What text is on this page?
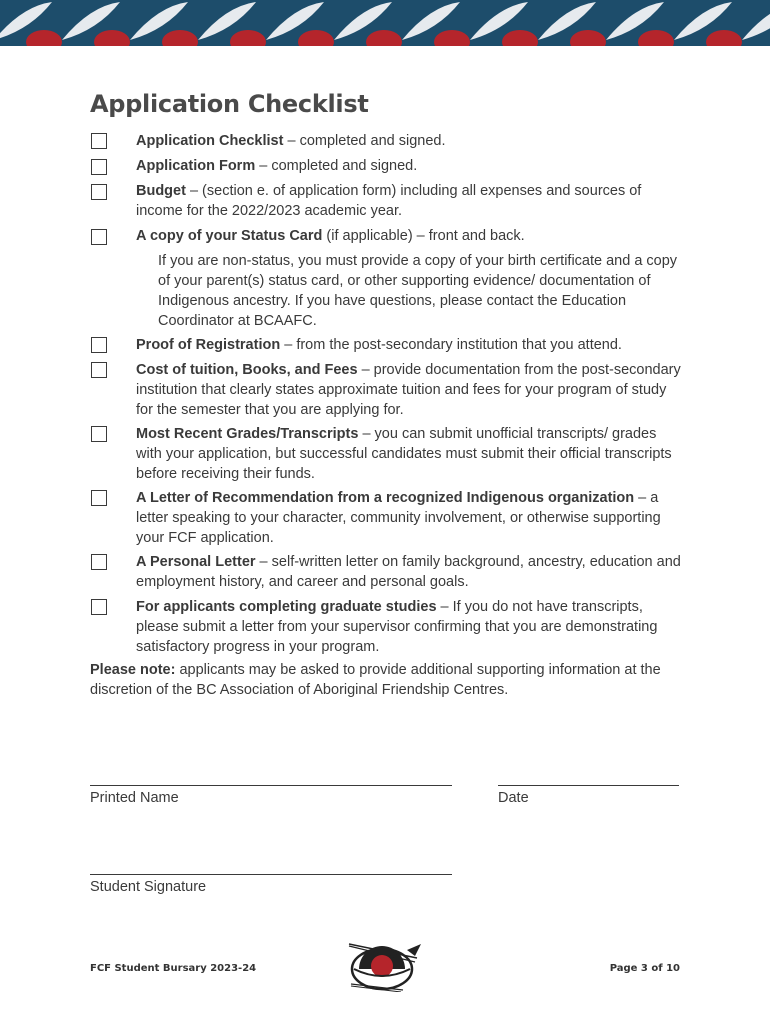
Application Checklist
Application Checklist – completed and signed.
Application Form – completed and signed.
Budget – (section e. of application form) including all expenses and sources of income for the 2022/2023 academic year.
A copy of your Status Card (if applicable) – front and back.
If you are non-status, you must provide a copy of your birth certificate and a copy of your parent(s) status card, or other supporting evidence/ documentation of Indigenous ancestry. If you have questions, please contact the Education Coordinator at BCAAFC.
Proof of Registration – from the post-secondary institution that you attend.
Cost of tuition, Books, and Fees – provide documentation from the post-secondary institution that clearly states approximate tuition and fees for your program of study for the semester that you are applying for.
Most Recent Grades/Transcripts – you can submit unofficial transcripts/ grades with your application, but successful candidates must submit their official transcripts before receiving their funds.
A Letter of Recommendation from a recognized Indigenous organization – a letter speaking to your character, community involvement, or otherwise supporting your FCF application.
A Personal Letter – self-written letter on family background, ancestry, education and employment history, and career and personal goals.
For applicants completing graduate studies – If you do not have transcripts, please submit a letter from your supervisor confirming that you are demonstrating satisfactory progress in your program.
Please note: applicants may be asked to provide additional supporting information at the discretion of the BC Association of Aboriginal Friendship Centres.
Printed Name	Date
Student Signature
FCF Student Bursary 2023-24	Page 3 of 10
